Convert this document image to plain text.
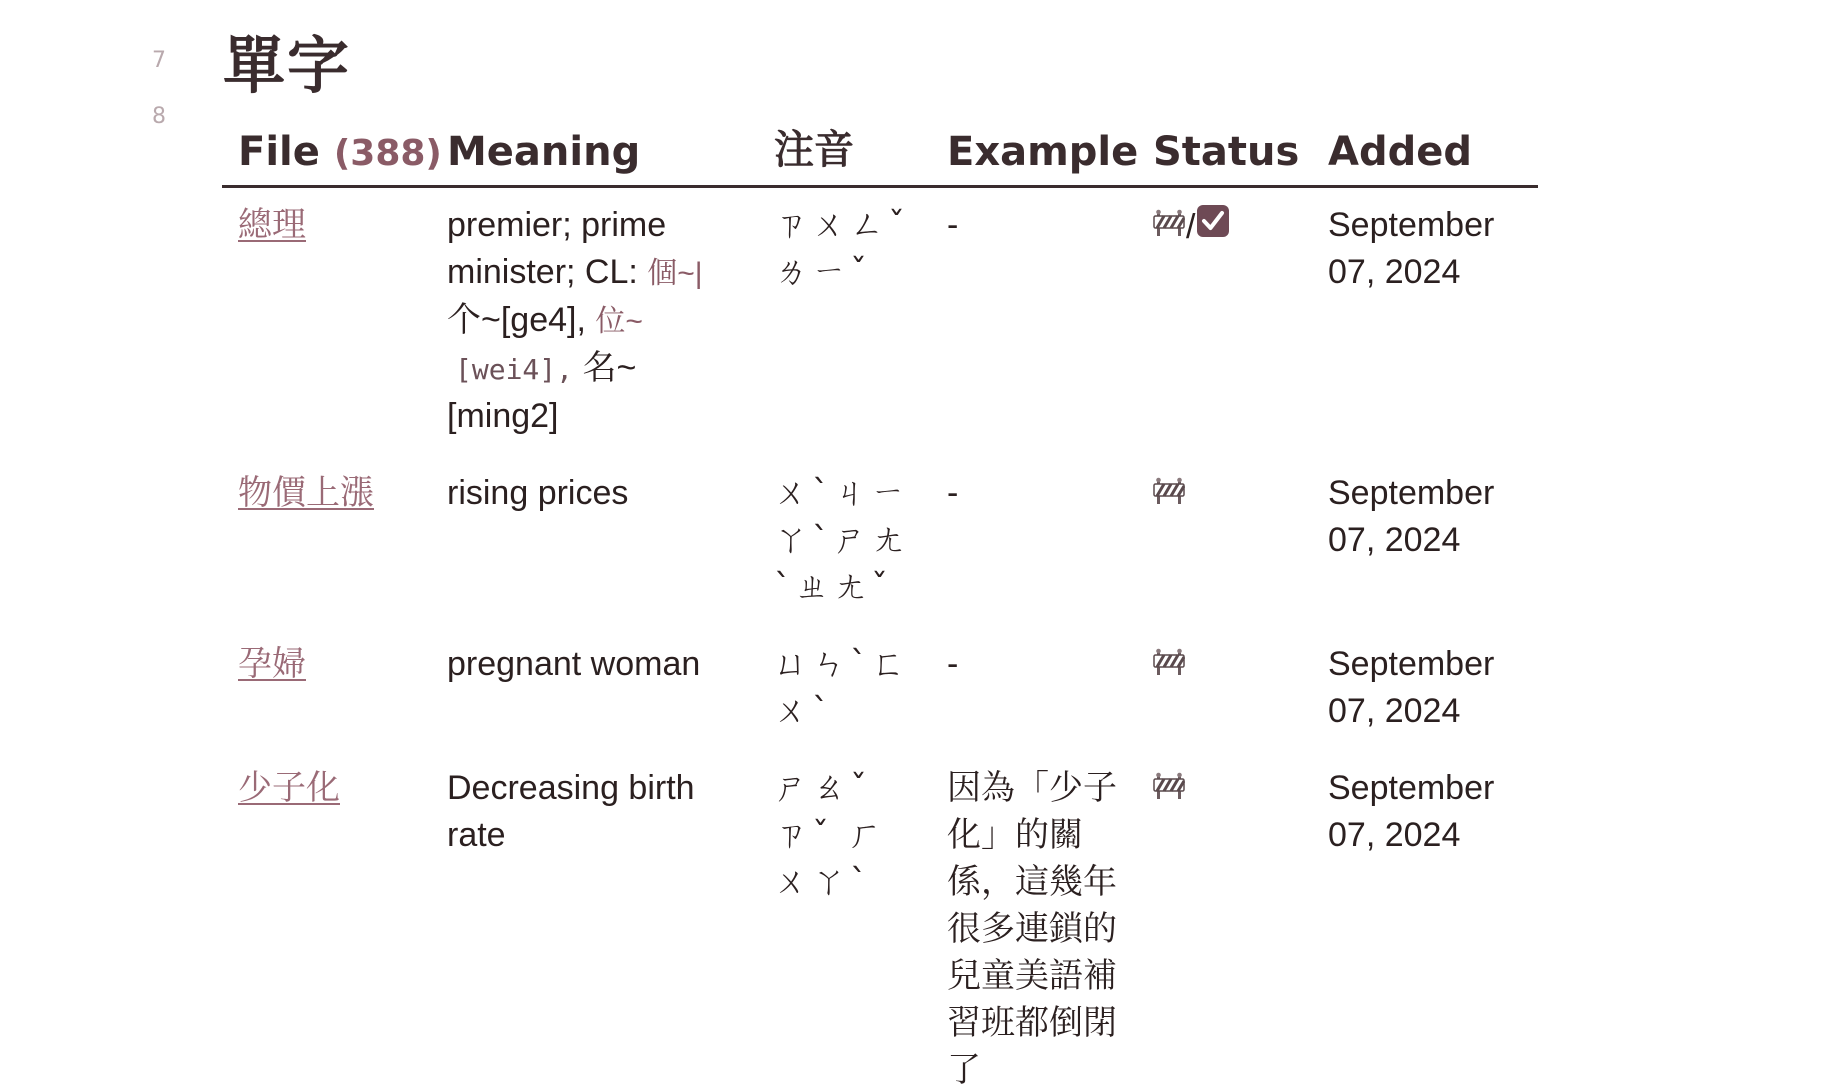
7
8
單字
File (388)	Meaning	注音	Example	Status	Added
總理	premier; prime minister; CL: 個~|
个~[ge4], 位~
[wei4], 名~[ming2]	ㄗㄨㄥˇ ㄌㄧˇ	-	/	September 07, 2024
物價上漲	rising prices	ㄨˋㄐㄧㄚˋㄕㄤˋㄓㄤˇ	-		September 07, 2024
孕婦	pregnant woman	ㄩㄣˋㄈㄨˋ	-		September 07, 2024
少子化	Decreasing birth rate	ㄕㄠˇ ㄗˇ ㄏㄨㄚˋ	因為「少子化」的關係，這幾年很多連鎖的兒童美語補習班都倒閉了		September 07, 2024
